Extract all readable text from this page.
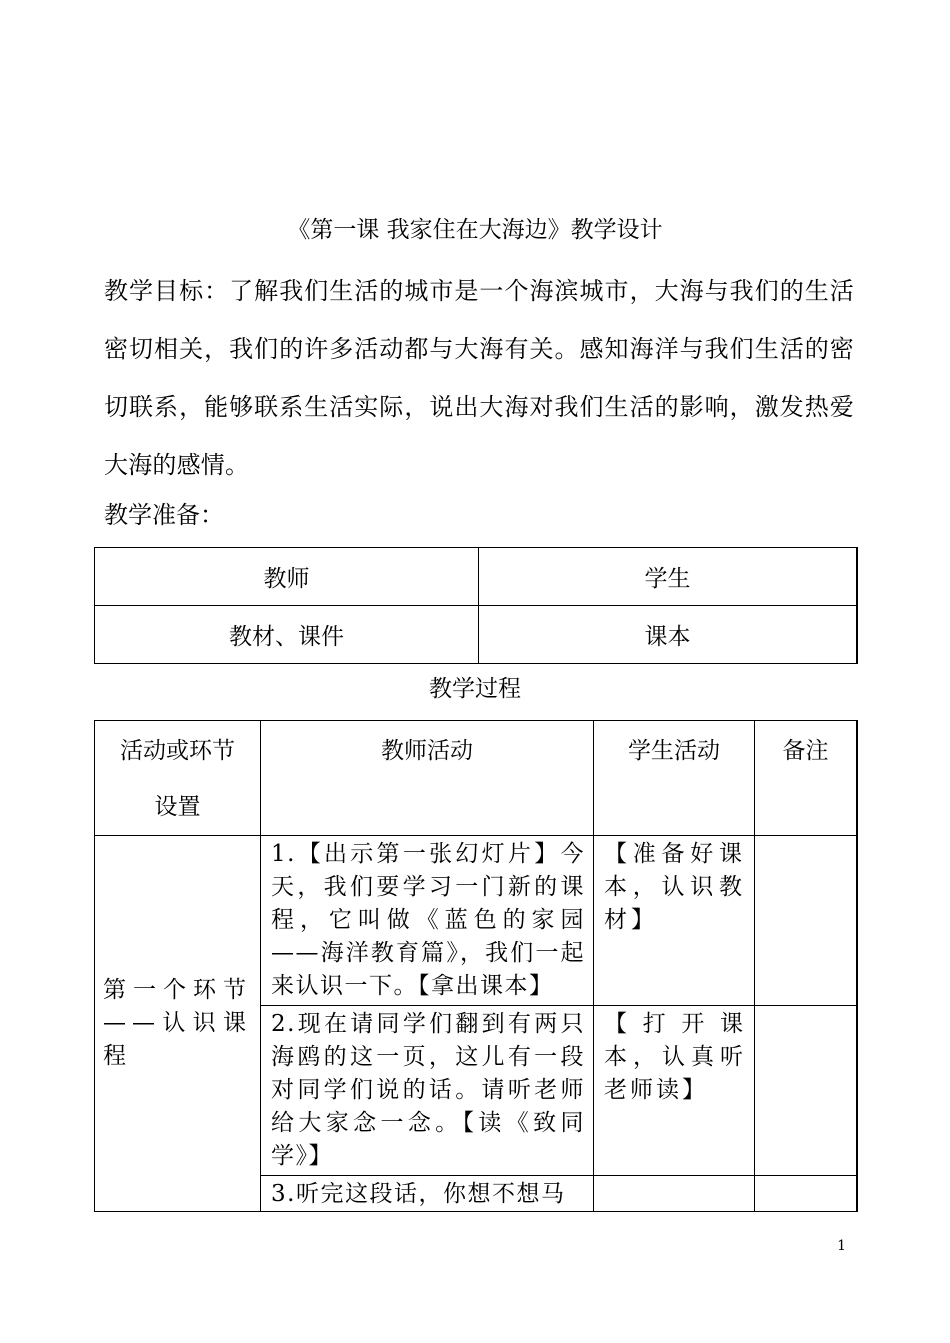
《第一课 我家住在大海边》教学设计
教学目标：了解我们生活的城市是一个海滨城市，大海与我们的生活密切相关，我们的许多活动都与大海有关。感知海洋与我们生活的密切联系，能够联系生活实际，说出大海对我们生活的影响，激发热爱大海的感情。
教学准备：
教师	学生
教材、课件	课本
教学过程
活动或环节设置	教师活动	学生活动	备注

第一个环节——认识课程	1.【出示第一张幻灯片】今天，我们要学习一门新的课程，它叫做《蓝色的家园——海洋教育篇》，我们一起来认识一下。【拿出课本】	【准备好课本，认识教材】	

	2.现在请同学们翻到有两只海鸥的这一页，这儿有一段对同学们说的话。请听老师给大家念一念。【读《致同学》】	【打开课本，认真听老师读】	

	3.听完这段话，你想不想马		

1
